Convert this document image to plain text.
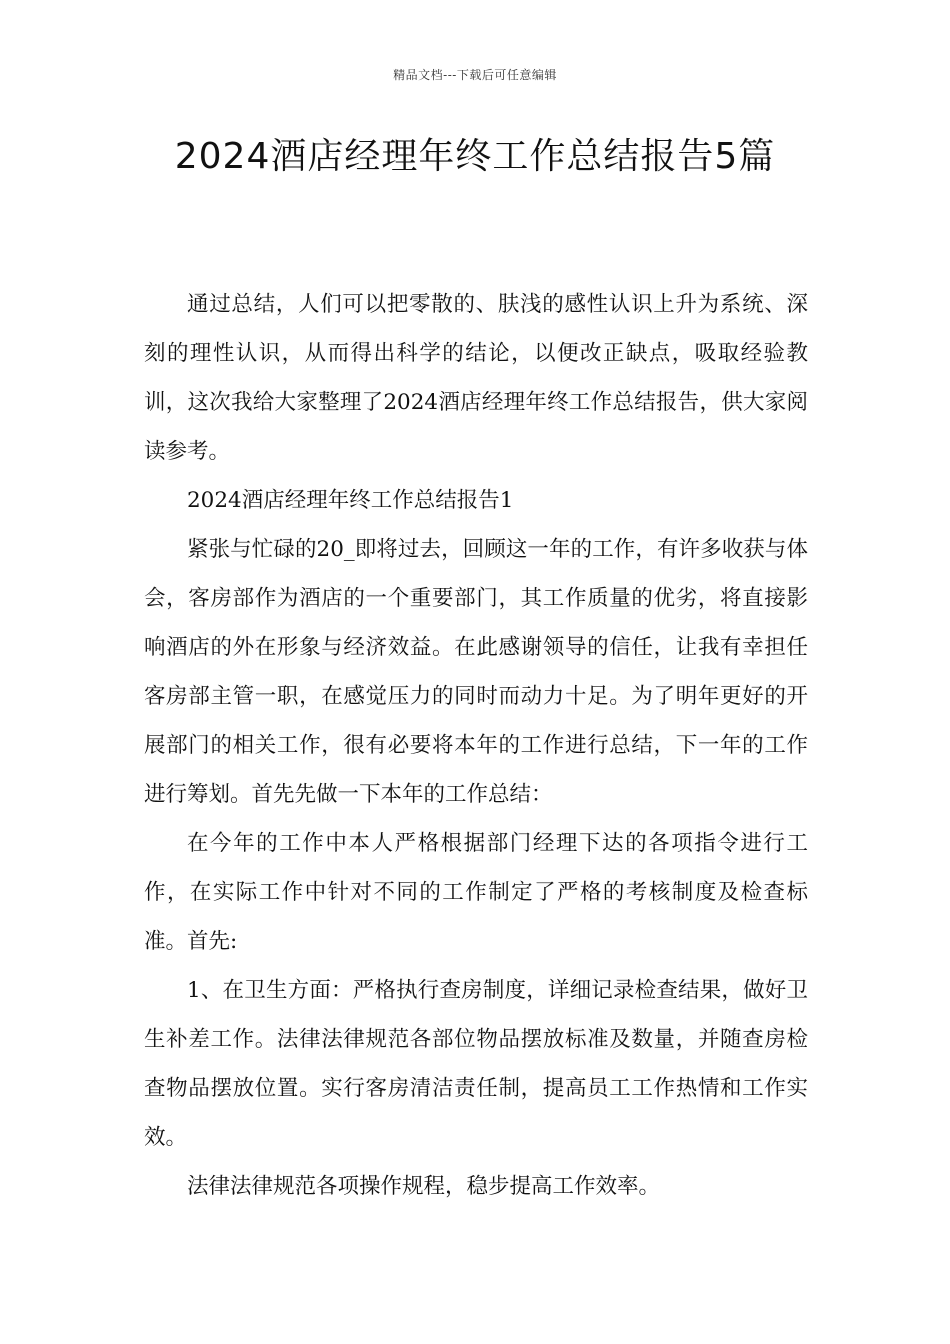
精品文档---下载后可任意编辑
2024酒店经理年终工作总结报告5篇

通过总结，人们可以把零散的、肤浅的感性认识上升为系统、深刻的理性认识，从而得出科学的结论，以便改正缺点，吸取经验教训，这次我给大家整理了2024酒店经理年终工作总结报告，供大家阅读参考。

2024酒店经理年终工作总结报告1

紧张与忙碌的20_即将过去，回顾这一年的工作，有许多收获与体会，客房部作为酒店的一个重要部门，其工作质量的优劣，将直接影响酒店的外在形象与经济效益。在此感谢领导的信任，让我有幸担任客房部主管一职，在感觉压力的同时而动力十足。为了明年更好的开展部门的相关工作，很有必要将本年的工作进行总结，下一年的工作进行筹划。首先先做一下本年的工作总结：

在今年的工作中本人严格根据部门经理下达的各项指令进行工作，在实际工作中针对不同的工作制定了严格的考核制度及检查标准。首先:

1、在卫生方面：严格执行查房制度，详细记录检查结果，做好卫生补差工作。法律法律规范各部位物品摆放标准及数量，并随查房检查物品摆放位置。实行客房清洁责任制，提高员工工作热情和工作实效。

法律法律规范各项操作规程，稳步提高工作效率。
